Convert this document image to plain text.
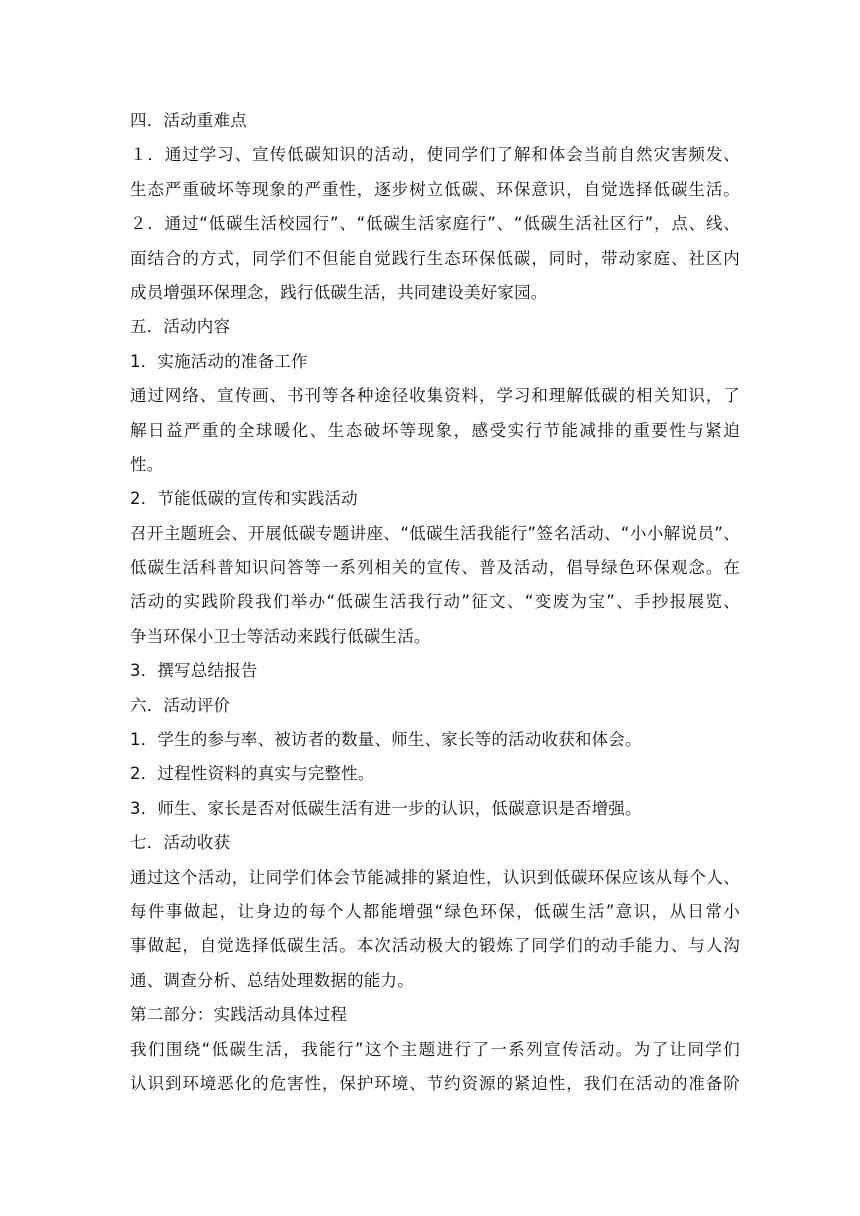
四．活动重难点
１．通过学习、宣传低碳知识的活动，使同学们了解和体会当前自然灾害频发、
生态严重破坏等现象的严重性，逐步树立低碳、环保意识，自觉选择低碳生活。
２．通过“低碳生活校园行”、“低碳生活家庭行”、“低碳生活社区行”，点、线、
面结合的方式，同学们不但能自觉践行生态环保低碳，同时，带动家庭、社区内
成员增强环保理念，践行低碳生活，共同建设美好家园。
五．活动内容
1．实施活动的准备工作
通过网络、宣传画、书刊等各种途径收集资料，学习和理解低碳的相关知识，了
解日益严重的全球暖化、生态破坏等现象，感受实行节能减排的重要性与紧迫
性。
2．节能低碳的宣传和实践活动
召开主题班会、开展低碳专题讲座、“低碳生活我能行”签名活动、“小小解说员”、
低碳生活科普知识问答等一系列相关的宣传、普及活动，倡导绿色环保观念。在
活动的实践阶段我们举办“低碳生活我行动”征文、“变废为宝”、手抄报展览、
争当环保小卫士等活动来践行低碳生活。
3．撰写总结报告
六．活动评价
1．学生的参与率、被访者的数量、师生、家长等的活动收获和体会。
2．过程性资料的真实与完整性。
3．师生、家长是否对低碳生活有进一步的认识，低碳意识是否增强。
七．活动收获
通过这个活动，让同学们体会节能减排的紧迫性，认识到低碳环保应该从每个人、
每件事做起，让身边的每个人都能增强“绿色环保，低碳生活”意识，从日常小
事做起，自觉选择低碳生活。本次活动极大的锻炼了同学们的动手能力、与人沟
通、调查分析、总结处理数据的能力。
第二部分：实践活动具体过程
我们围绕“低碳生活，我能行”这个主题进行了一系列宣传活动。为了让同学们
认识到环境恶化的危害性，保护环境、节约资源的紧迫性，我们在活动的准备阶
